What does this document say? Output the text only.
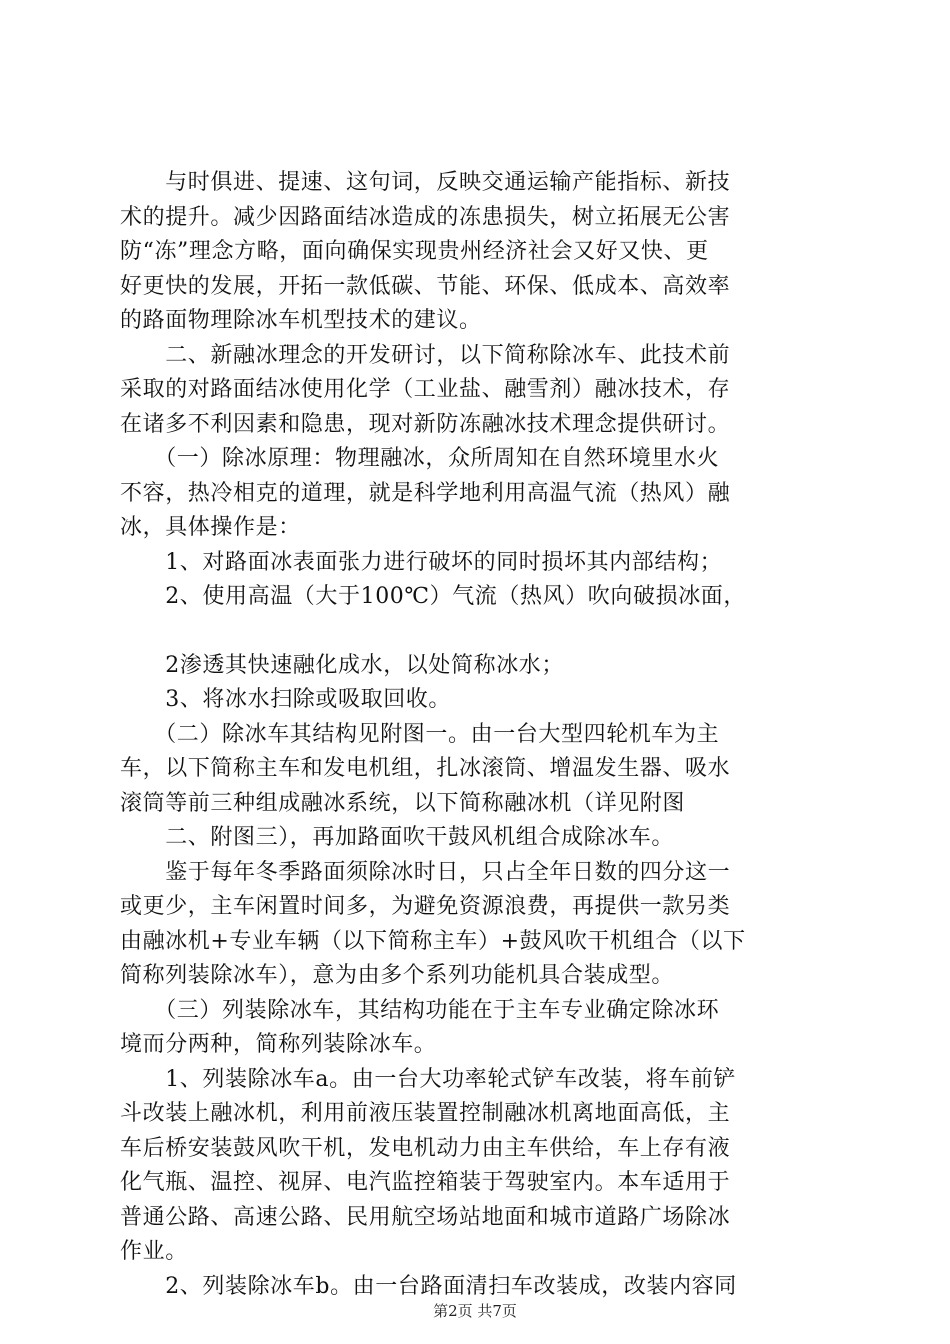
　　与时俱进、提速、这句词，反映交通运输产能指标、新技
术的提升。减少因路面结冰造成的冻患损失，树立拓展无公害
防“冻”理念方略，面向确保实现贵州经济社会又好又快、更
好更快的发展，开拓一款低碳、节能、环保、低成本、高效率
的路面物理除冰车机型技术的建议。
　　二、新融冰理念的开发研讨，以下简称除冰车、此技术前
采取的对路面结冰使用化学（工业盐、融雪剂）融冰技术，存
在诸多不利因素和隐患，现对新防冻融冰技术理念提供研讨。
　　（一）除冰原理：物理融冰，众所周知在自然环境里水火
不容，热冷相克的道理，就是科学地利用高温气流（热风）融
冰，具体操作是：
　　1、对路面冰表面张力进行破坏的同时损坏其内部结构；
　　2、使用高温（大于100℃）气流（热风）吹向破损冰面，
　　2渗透其快速融化成水，以处简称冰水；
　　3、将冰水扫除或吸取回收。
　　（二）除冰车其结构见附图一。由一台大型四轮机车为主
车，以下简称主车和发电机组，扎冰滚筒、增温发生器、吸水
滚筒等前三种组成融冰系统，以下简称融冰机（详见附图
　　二、附图三），再加路面吹干鼓风机组合成除冰车。
　　鉴于每年冬季路面须除冰时日，只占全年日数的四分这一
或更少，主车闲置时间多，为避免资源浪费，再提供一款另类
由融冰机+专业车辆（以下简称主车）+鼓风吹干机组合（以下
简称列装除冰车），意为由多个系列功能机具合装成型。
　　（三）列装除冰车，其结构功能在于主车专业确定除冰环
境而分两种，简称列装除冰车。
　　1、列装除冰车a。由一台大功率轮式铲车改装，将车前铲
斗改装上融冰机，利用前液压装置控制融冰机离地面高低，主
车后桥安装鼓风吹干机，发电机动力由主车供给，车上存有液
化气瓶、温控、视屏、电汽监控箱装于驾驶室内。本车适用于
普通公路、高速公路、民用航空场站地面和城市道路广场除冰
作业。
　　2、列装除冰车b。由一台路面清扫车改装成，改装内容同
第2页 共7页
